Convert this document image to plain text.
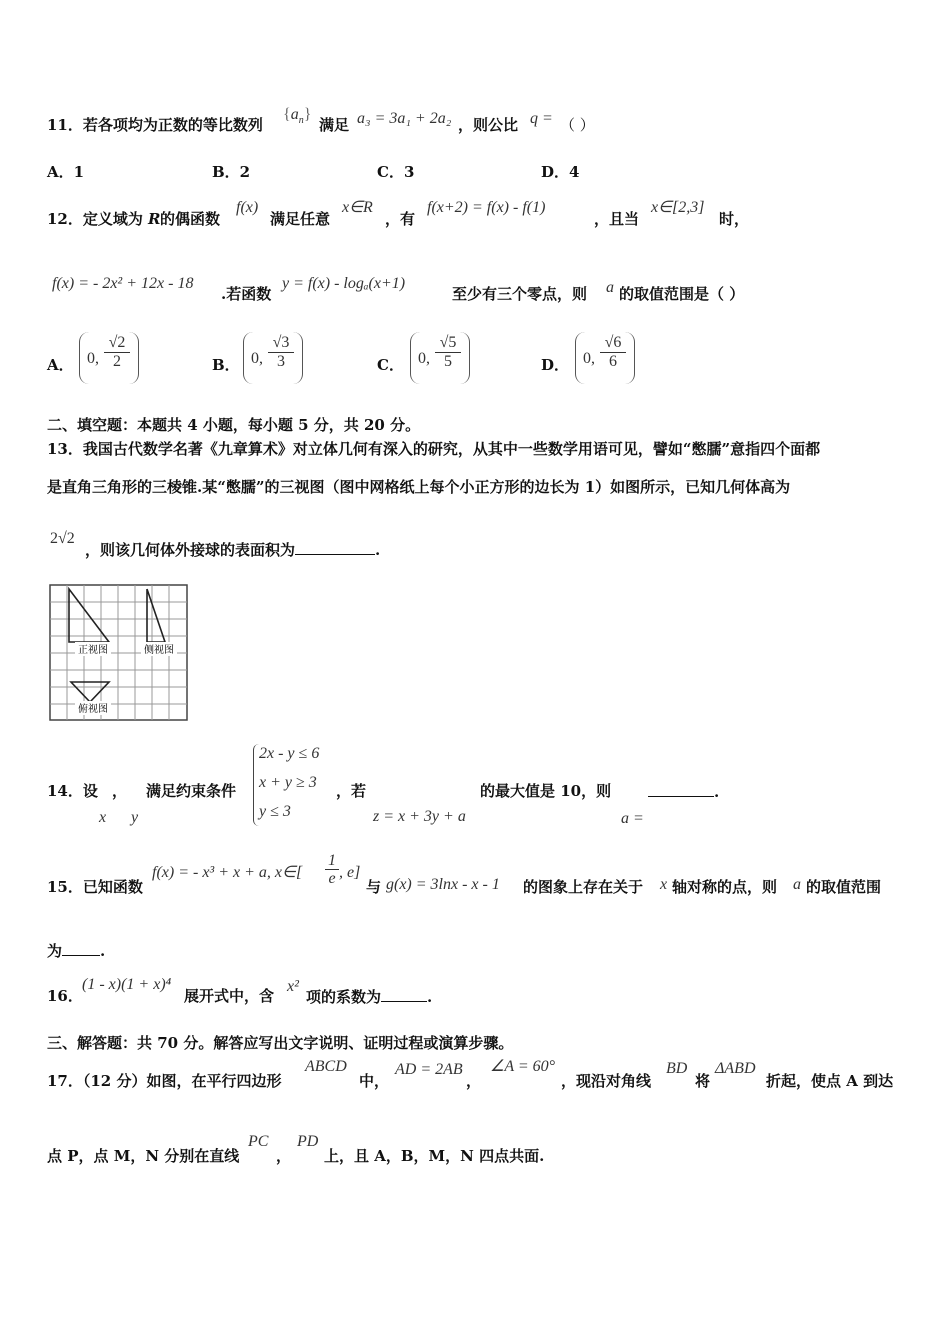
11．若各项均为正数的等比数列
$\{a_n\}$
满足 a₃ = 3a₁ + 2a₂ ，则公比 q = （ ）
A．1	B．2	C．3	D．4
12．定义域为 R 的偶函数
f(x)
满足任意
x∈R
，有
f(x+2) = f(x) - f(1)
，且当
x∈[2,3]
时，
f(x) = - 2x² + 12x - 18
.若函数
y = f(x) - logₐ(x+1)
至少有三个零点，则 a 的取值范围是（ ）
A． 0, $\frac{√2}{2}$	B． 0, $\frac{√3}{3}$	C． 0, $\frac{√5}{5}$	D． 0, $\frac{√6}{6}$
二、填空题：本题共 4 小题，每小题 5 分，共 20 分。
13．我国古代数学名著《九章算术》对立体几何有深入的研究，从其中一些数学用语可见，譬如“憋臑”意指四个面都
是直角三角形的三棱锥.某“憋臑”的三视图（图中网格纸上每个小正方形的边长为 1）如图所示，已知几何体高为
2√2
，则该几何体外接球的表面积为	.
正视图	侧视图
俯视图
14．设
x
，
y
满足约束条件
2x - y ≤ 6
x + y ≥ 3
y ≤ 3
，若
z = x + 3y + a
的最大值是 10，则	.
a =
15．已知函数
f(x) = - x³ + x + a, x∈[ $\frac{1}{e}$ , e]
与 g(x) = 3lnx - x - 1 的图象上存在关于 x 轴对称的点，则 a 的取值范围
为	.
16．
(1 - x)(1 + x)⁴
展开式中，含
x²
项的系数为	.
三、解答题：共 70 分。解答应写出文字说明、证明过程或演算步骤。
17．（12 分）如图，在平行四边形
ABCD
中，
AD = 2AB
，
∠A = 60°
，现沿对角线
BD
将
ΔABD
折起，使点 A 到达
点 P，点 M，N 分别在直线
PC
，
PD
上，且 A，B，M，N 四点共面.
